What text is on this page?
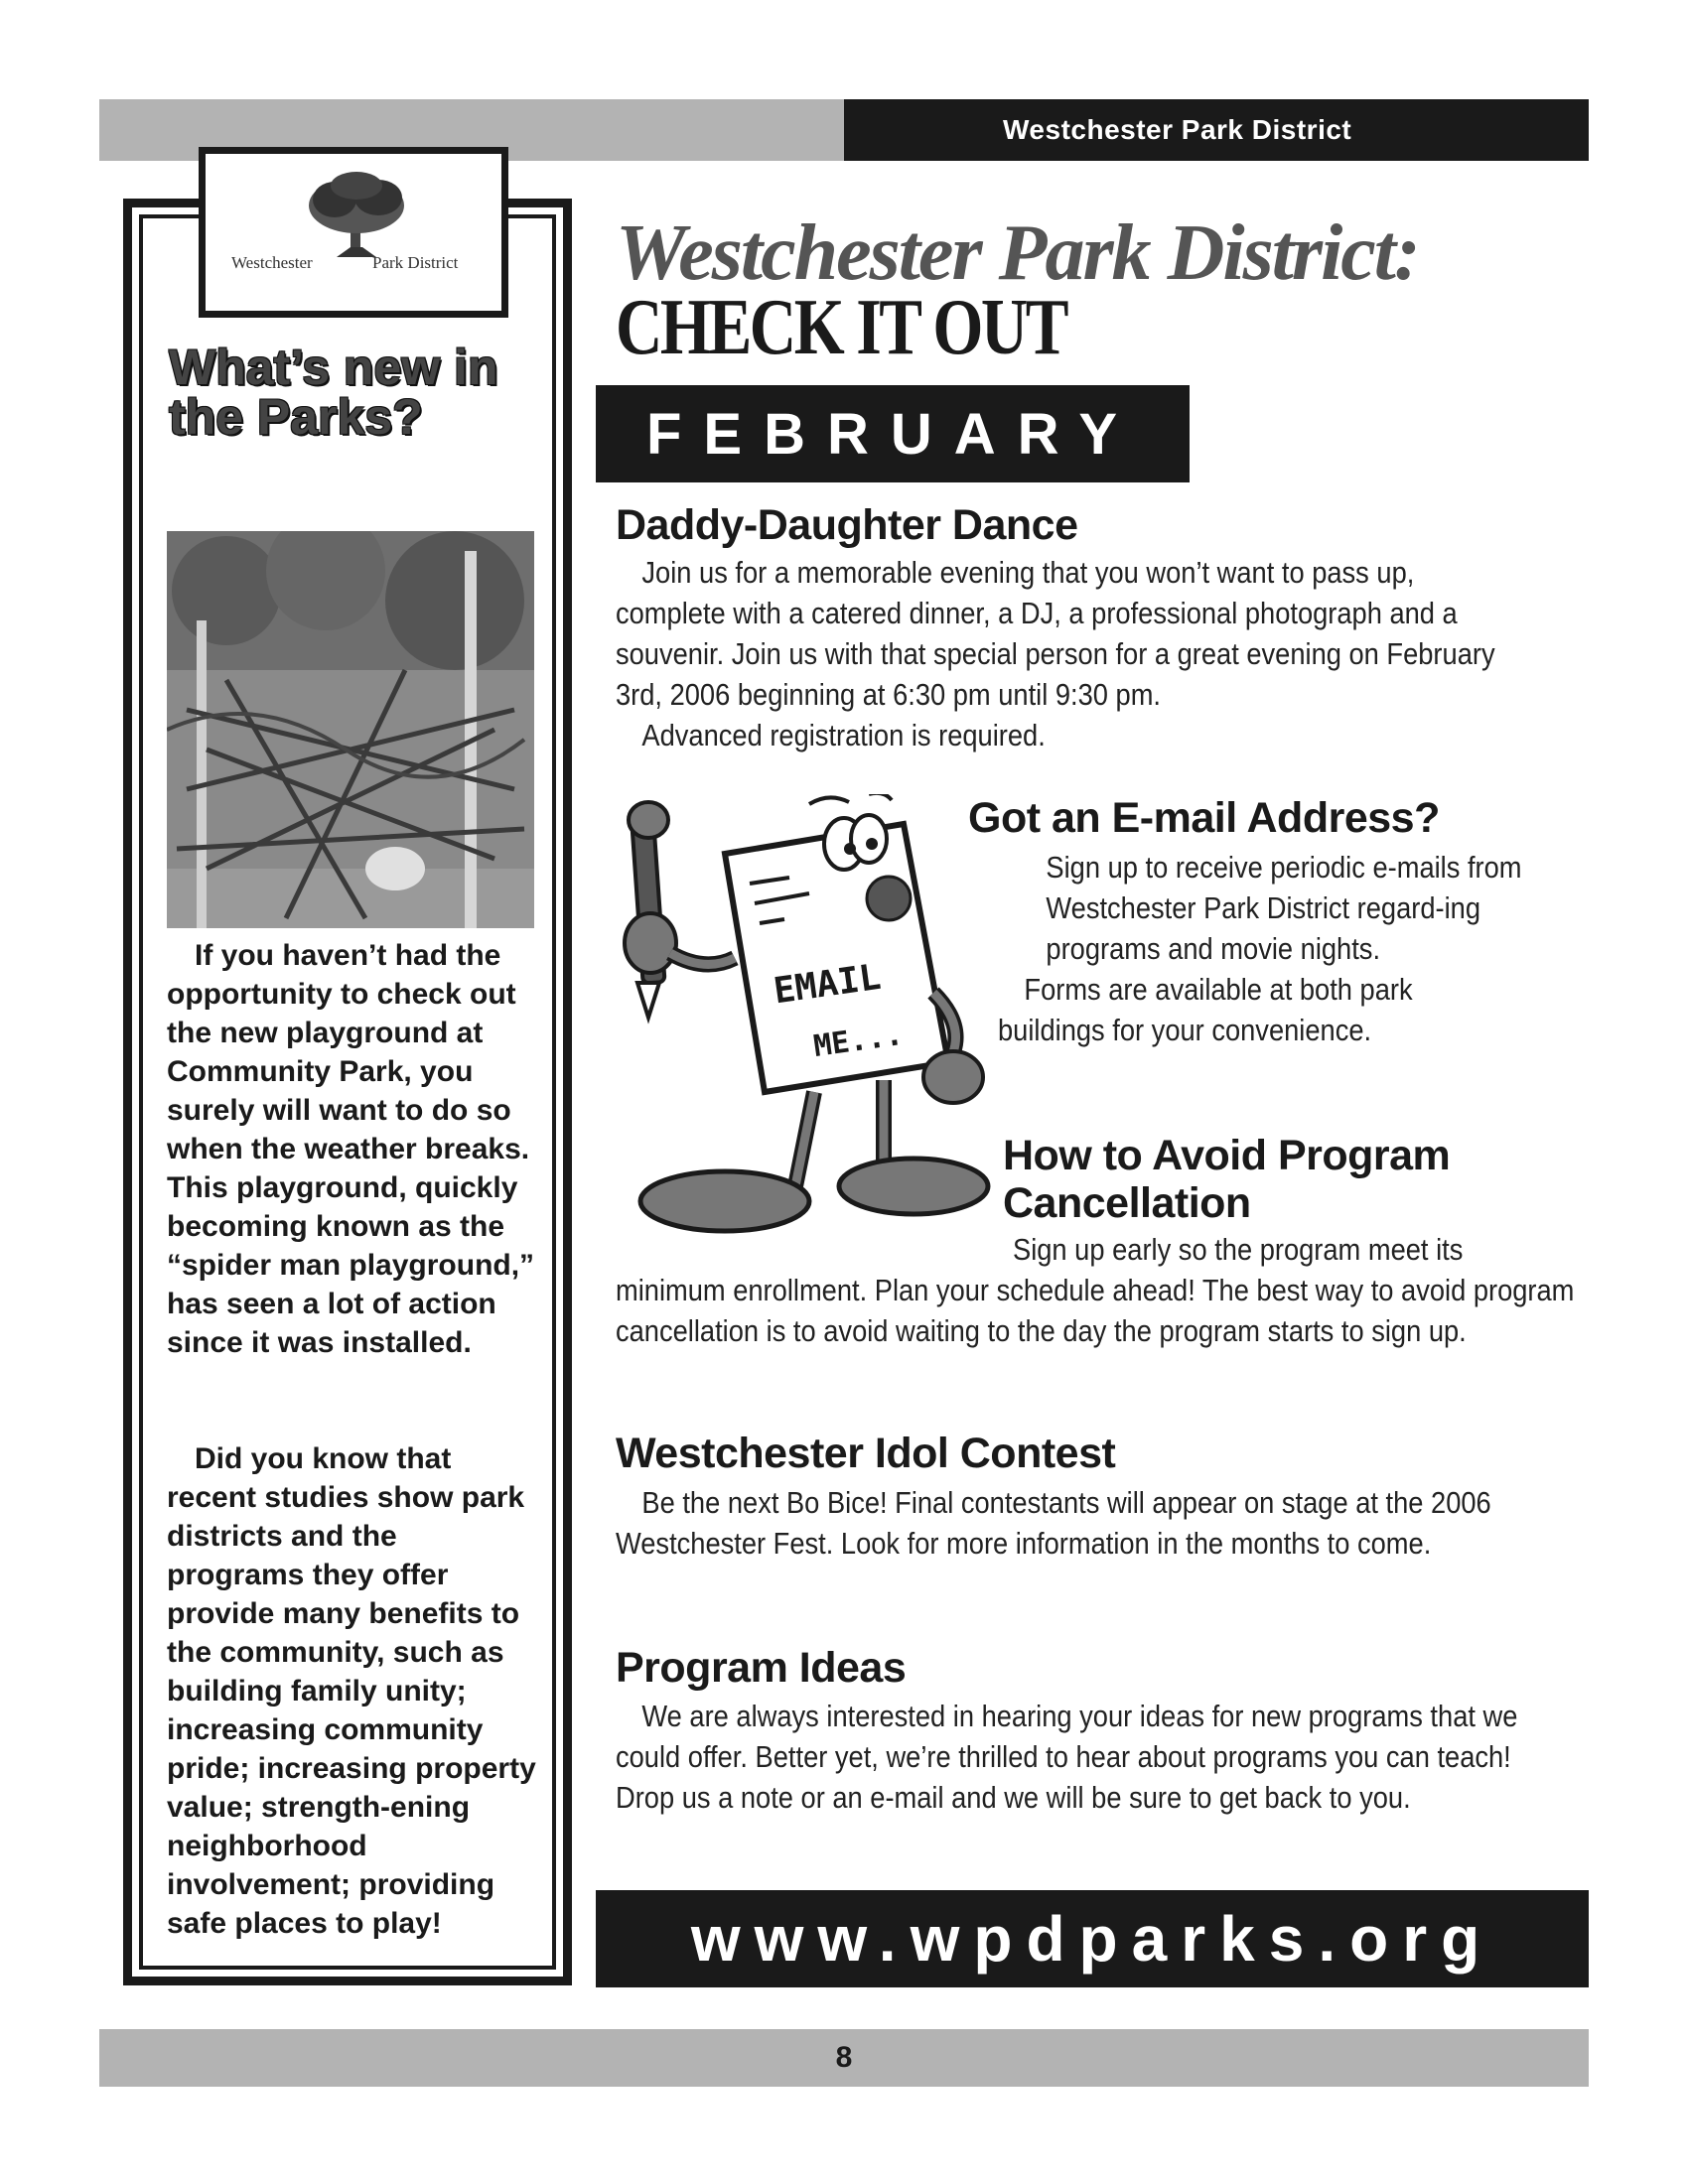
Westchester Park District
Westchester	Park District
What’s new in the Parks?
If you haven’t had the opportunity to check out the new playground at Community Park, you surely will want to do so when the weather breaks. This playground, quickly becoming known as the “spider man playground,” has seen a lot of action since it was installed.
Did you know that recent studies show park districts and the programs they offer provide many benefits to the community, such as building family unity; increasing community pride; increasing property value; strength-ening neighborhood involvement; providing safe places to play!
Westchester Park District:
CHECK IT OUT
FEBRUARY
Daddy-Daughter Dance
Join us for a memorable evening that you won’t want to pass up, complete with a catered dinner, a DJ, a professional photograph and a souvenir. Join us with that special person for a great evening on February 3rd, 2006 beginning at 6:30 pm until 9:30 pm.
Advanced registration is required.
EMAIL
ME...
Got an E-mail Address?
Sign up to receive periodic e-mails from Westchester Park District regard-ing programs and movie nights.
Forms are available at both park buildings for your convenience.
How to Avoid Program Cancellation
Sign up early so the program meet its
minimum enrollment. Plan your schedule ahead! The best way to avoid program cancellation is to avoid waiting to the day the program starts to sign up.
Westchester Idol Contest
Be the next Bo Bice! Final contestants will appear on stage at the 2006 Westchester Fest. Look for more information in the months to come.
Program Ideas
We are always interested in hearing your ideas for new programs that we could offer. Better yet, we’re thrilled to hear about programs you can teach! Drop us a note or an e-mail and we will be sure to get back to you.
www.wpdparks.org
8
